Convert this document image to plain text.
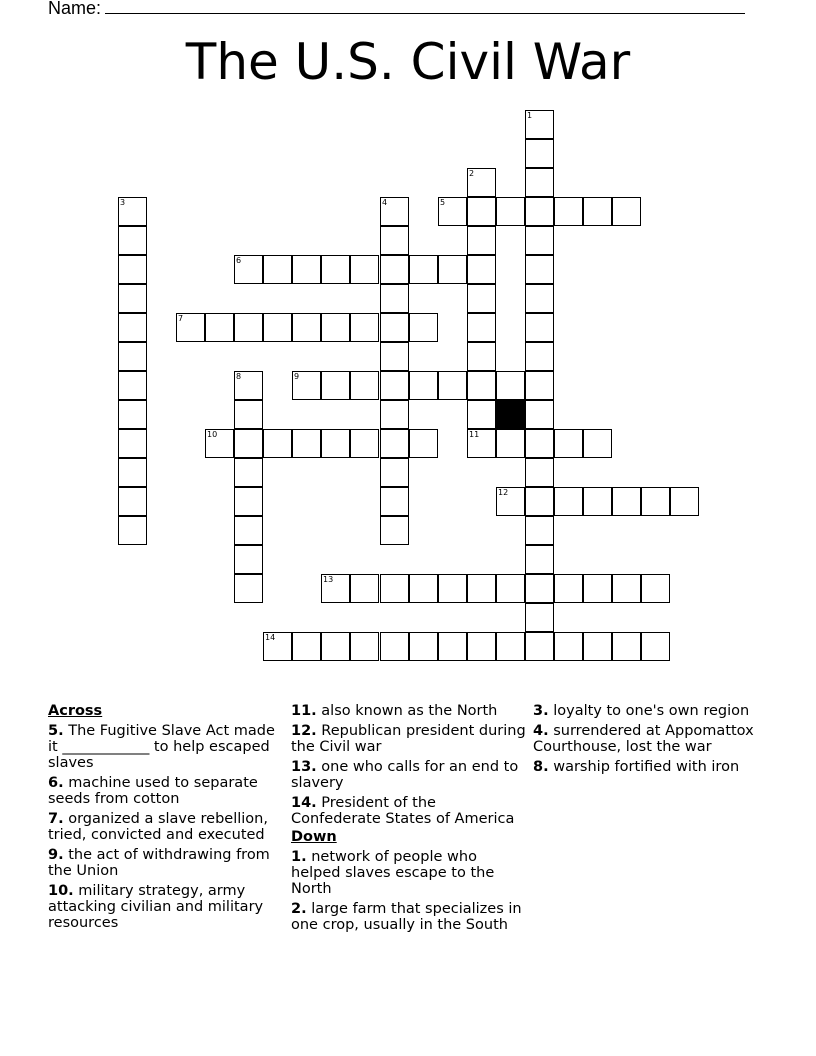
Name:
The U.S. Civil War
1
2
3	4	5
6
7
8	9
10	11
12
13
14
Across
5. The Fugitive Slave Act made it ____________ to help escaped slaves
6. machine used to separate seeds from cotton
7. organized a slave rebellion, tried, convicted and executed
9. the act of withdrawing from the Union
10. military strategy, army attacking civilian and military resources
11. also known as the North
12. Republican president during the Civil war
13. one who calls for an end to slavery
14. President of the Confederate States of America
Down
1. network of people who helped slaves escape to the North
2. large farm that specializes in one crop, usually in the South
3. loyalty to one's own region
4. surrendered at Appomattox Courthouse, lost the war
8. warship fortified with iron
